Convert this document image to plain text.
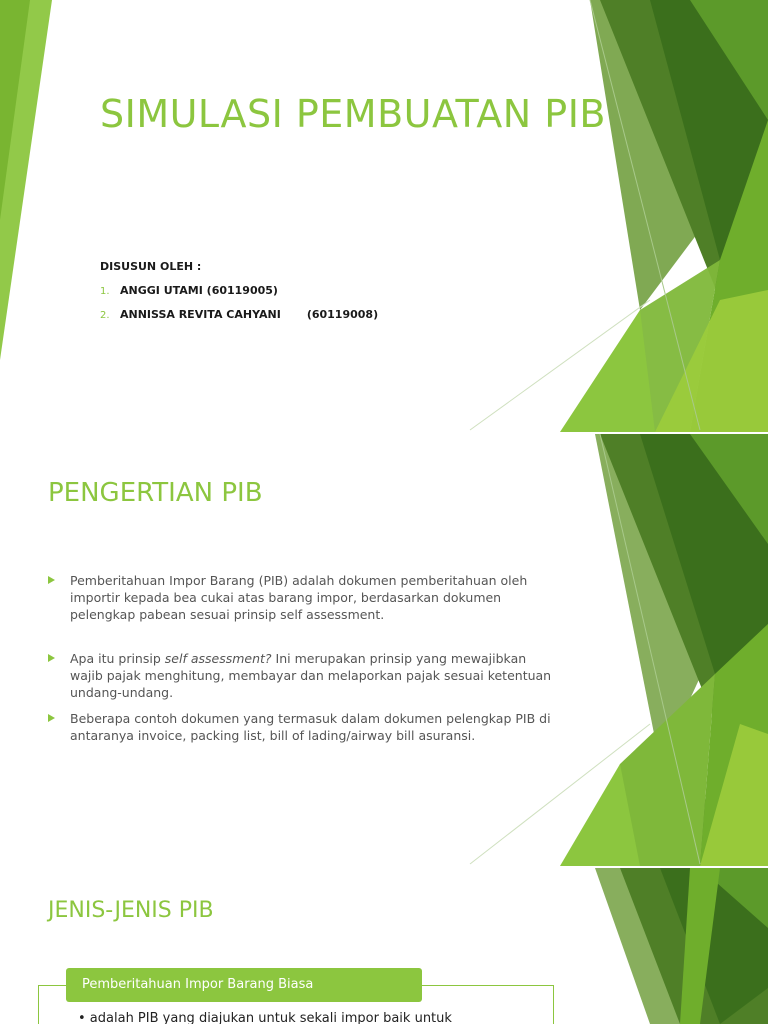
SIMULASI PEMBUATAN PIB
DISUSUN OLEH :
1. ANGGI UTAMI (60119005)
2. ANNISSA REVITA CAHYANI (60119008)
PENGERTIAN PIB
Pemberitahuan Impor Barang (PIB) adalah dokumen pemberitahuan oleh importir kepada bea cukai atas barang impor, berdasarkan dokumen pelengkap pabean sesuai prinsip self assessment.
Apa itu prinsip self assessment? Ini merupakan prinsip yang mewajibkan wajib pajak menghitung, membayar dan melaporkan pajak sesuai ketentuan undang-undang.
Beberapa contoh dokumen yang termasuk dalam dokumen pelengkap PIB di antaranya invoice, packing list, bill of lading/airway bill asuransi.
JENIS-JENIS PIB
Pemberitahuan Impor Barang Biasa
• adalah PIB yang diajukan untuk sekali impor baik untuk
